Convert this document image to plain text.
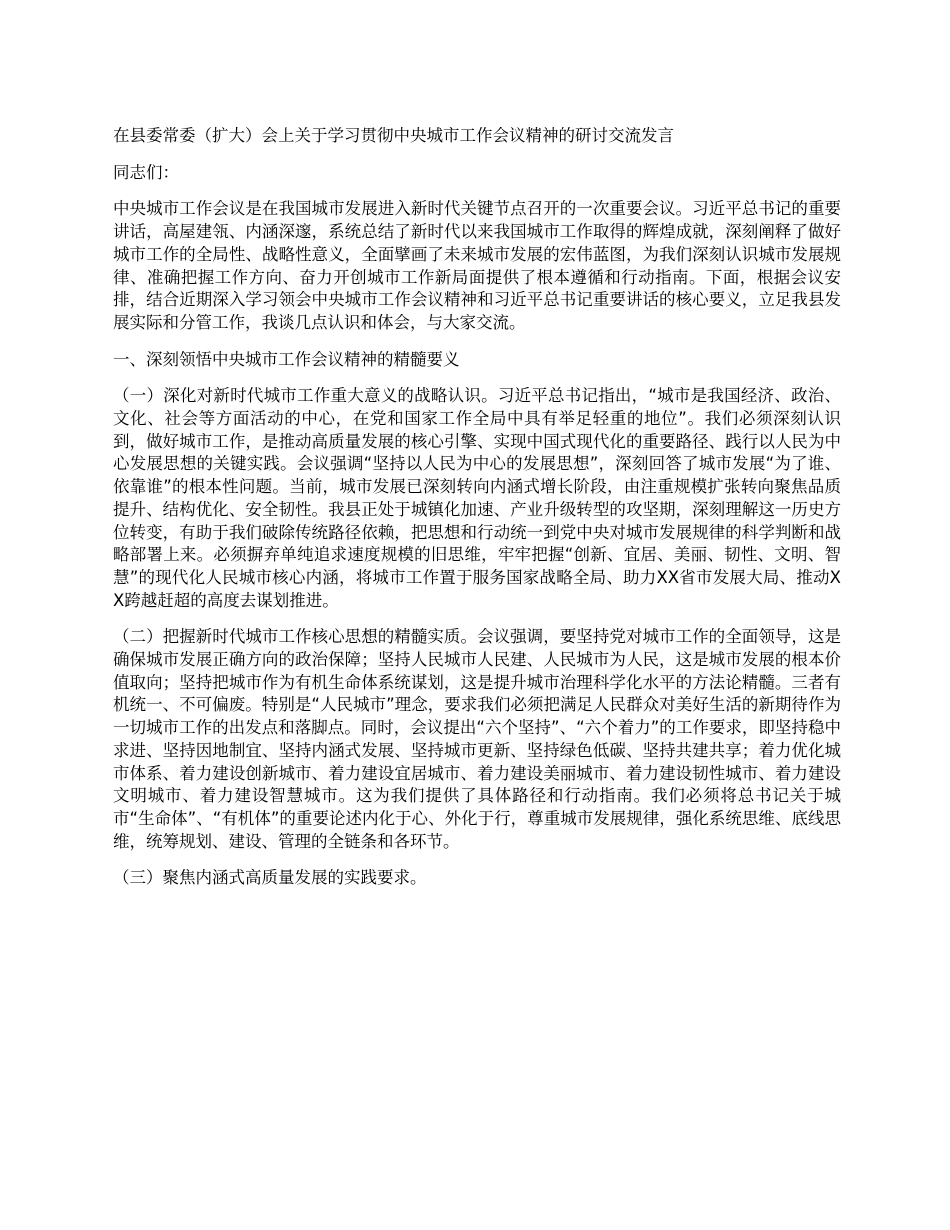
在县委常委（扩大）会上关于学习贯彻中央城市工作会议精神的研讨交流发言

同志们：

中央城市工作会议是在我国城市发展进入新时代关键节点召开的一次重要会议。习近平总书记的重要讲话，高屋建瓴、内涵深邃，系统总结了新时代以来我国城市工作取得的辉煌成就，深刻阐释了做好城市工作的全局性、战略性意义，全面擘画了未来城市发展的宏伟蓝图，为我们深刻认识城市发展规律、准确把握工作方向、奋力开创城市工作新局面提供了根本遵循和行动指南。下面，根据会议安排，结合近期深入学习领会中央城市工作会议精神和习近平总书记重要讲话的核心要义，立足我县发展实际和分管工作，我谈几点认识和体会，与大家交流。

一、深刻领悟中央城市工作会议精神的精髓要义

（一）深化对新时代城市工作重大意义的战略认识。习近平总书记指出，“城市是我国经济、政治、文化、社会等方面活动的中心，在党和国家工作全局中具有举足轻重的地位”。我们必须深刻认识到，做好城市工作，是推动高质量发展的核心引擎、实现中国式现代化的重要路径、践行以人民为中心发展思想的关键实践。会议强调“坚持以人民为中心的发展思想”，深刻回答了城市发展“为了谁、依靠谁”的根本性问题。当前，城市发展已深刻转向内涵式增长阶段，由注重规模扩张转向聚焦品质提升、结构优化、安全韧性。我县正处于城镇化加速、产业升级转型的攻坚期，深刻理解这一历史方位转变，有助于我们破除传统路径依赖，把思想和行动统一到党中央对城市发展规律的科学判断和战略部署上来。必须摒弃单纯追求速度规模的旧思维，牢牢把握“创新、宜居、美丽、韧性、文明、智慧”的现代化人民城市核心内涵，将城市工作置于服务国家战略全局、助力XX省市发展大局、推动XX跨越赶超的高度去谋划推进。

（二）把握新时代城市工作核心思想的精髓实质。会议强调，要坚持党对城市工作的全面领导，这是确保城市发展正确方向的政治保障；坚持人民城市人民建、人民城市为人民，这是城市发展的根本价值取向；坚持把城市作为有机生命体系统谋划，这是提升城市治理科学化水平的方法论精髓。三者有机统一、不可偏废。特别是“人民城市”理念，要求我们必须把满足人民群众对美好生活的新期待作为一切城市工作的出发点和落脚点。同时，会议提出“六个坚持”、“六个着力”的工作要求，即坚持稳中求进、坚持因地制宜、坚持内涵式发展、坚持城市更新、坚持绿色低碳、坚持共建共享；着力优化城市体系、着力建设创新城市、着力建设宜居城市、着力建设美丽城市、着力建设韧性城市、着力建设文明城市、着力建设智慧城市。这为我们提供了具体路径和行动指南。我们必须将总书记关于城市“生命体”、“有机体”的重要论述内化于心、外化于行，尊重城市发展规律，强化系统思维、底线思维，统筹规划、建设、管理的全链条和各环节。

（三）聚焦内涵式高质量发展的实践要求。
